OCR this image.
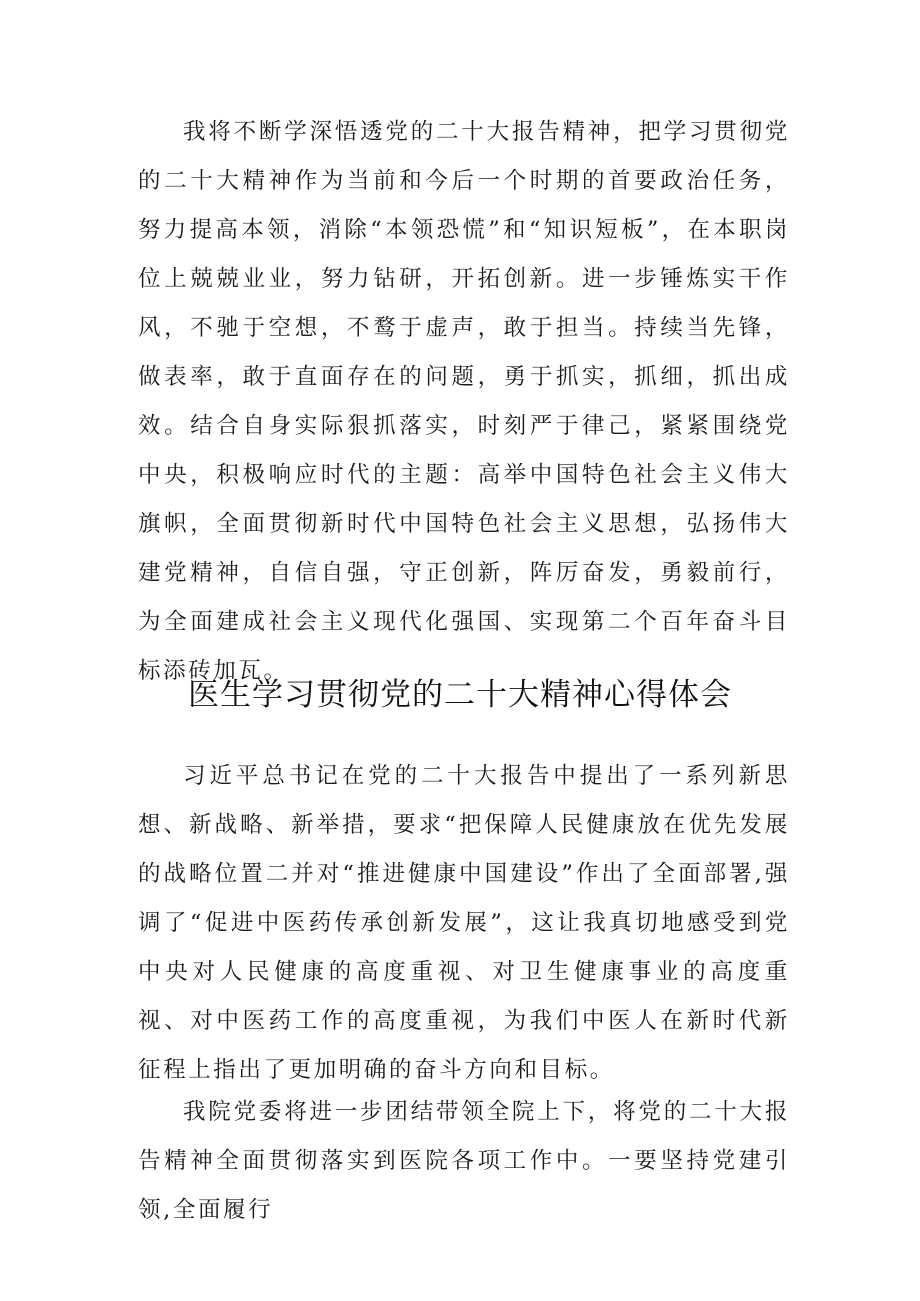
我将不断学深悟透党的二十大报告精神，把学习贯彻党的二十大精神作为当前和今后一个时期的首要政治任务，努力提高本领，消除“本领恐慌”和“知识短板”，在本职岗位上兢兢业业，努力钻研，开拓创新。进一步锤炼实干作风，不驰于空想，不鹜于虚声，敢于担当。持续当先锋，做表率，敢于直面存在的问题，勇于抓实，抓细，抓出成效。结合自身实际狠抓落实，时刻严于律己，紧紧围绕党中央，积极响应时代的主题：高举中国特色社会主义伟大旗帜，全面贯彻新时代中国特色社会主义思想，弘扬伟大建党精神，自信自强，守正创新，阵厉奋发，勇毅前行，为全面建成社会主义现代化强国、实现第二个百年奋斗目标添砖加瓦。

医生学习贯彻党的二十大精神心得体会

习近平总书记在党的二十大报告中提出了一系列新思想、新战略、新举措，要求“把保障人民健康放在优先发展的战略位置二并对“推进健康中国建设”作出了全面部署,强调了“促进中医药传承创新发展”，这让我真切地感受到党中央对人民健康的高度重视、对卫生健康事业的高度重视、对中医药工作的高度重视，为我们中医人在新时代新征程上指出了更加明确的奋斗方向和目标。

我院党委将进一步团结带领全院上下，将党的二十大报告精神全面贯彻落实到医院各项工作中。一要坚持党建引领,全面履行
